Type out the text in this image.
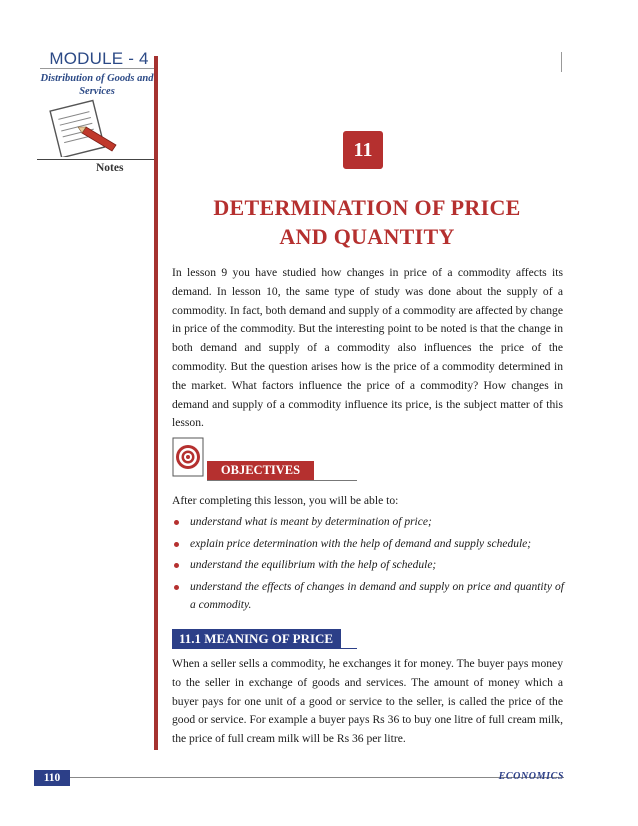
MODULE - 4
Distribution of Goods and Services
Notes
11
DETERMINATION OF PRICE
AND QUANTITY
In lesson 9 you have studied how changes in price of a commodity affects its demand. In lesson 10, the same type of study was done about the supply of a commodity. In fact, both demand and supply of a commodity are affected by change in price of the commodity. But the interesting point to be noted is that the change in both demand and supply of a commodity also influences the price of the commodity. But the question arises how is the price of a commodity determined in the market. What factors influence the price of a commodity? How changes in demand and supply of a commodity influence its price, is the subject matter of this lesson.
OBJECTIVES
After completing this lesson, you will be able to:
understand what is meant by determination of price;
explain price determination with the help of demand and supply schedule;
understand the equilibrium with the help of schedule;
understand the effects of changes in demand and supply on price and quantity of a commodity.
11.1 MEANING OF PRICE
When a seller sells a commodity, he exchanges it for money. The buyer pays money to the seller in exchange of goods and services. The amount of money which a buyer pays for one unit of a good or service to the seller, is called the price of the good or service. For example a buyer pays Rs 36 to buy one litre of full cream milk, the price of full cream milk will be Rs 36 per litre.
110	ECONOMICS
